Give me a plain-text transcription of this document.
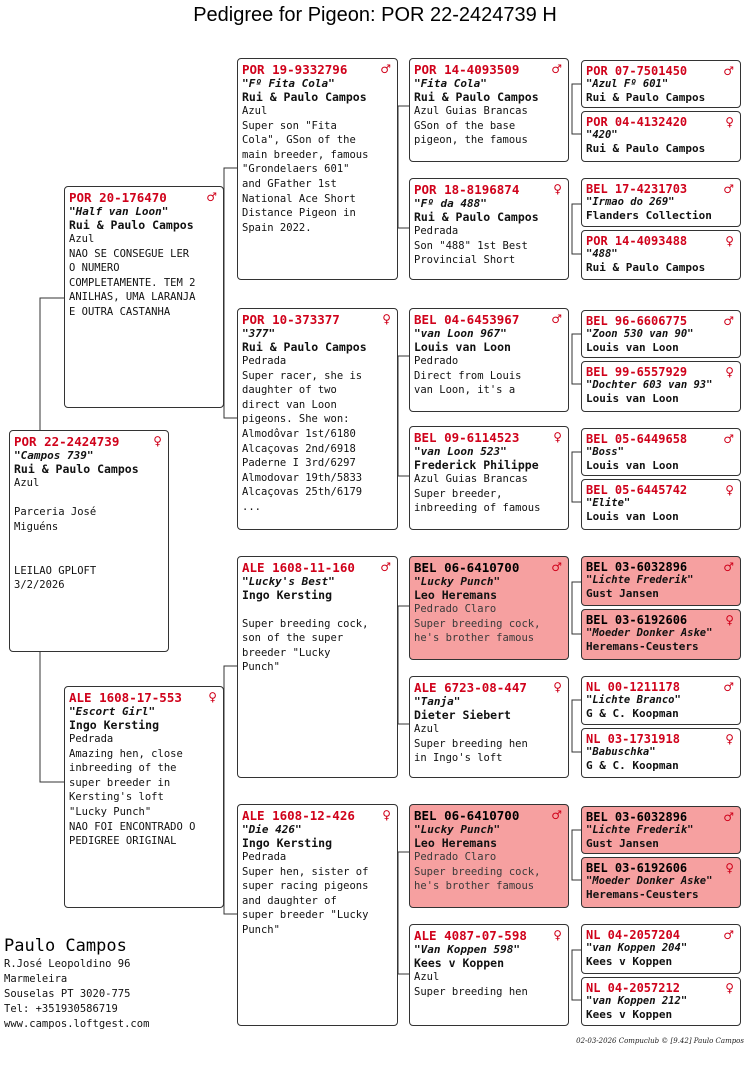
Pedigree for Pigeon: POR 22-2424739 H
POR 22-2424739	♀
"Campos 739"
Rui & Paulo Campos
Azul

Parceria José
Miguéns

LEILAO GPLOFT
3/2/2026
POR 20-176470	♂
"Half van Loon"
Rui & Paulo Campos
Azul
NAO SE CONSEGUE LER
O NUMERO
COMPLETAMENTE. TEM 2
ANILHAS, UMA LARANJA
E OUTRA CASTANHA
ALE 1608-17-553	♀
"Escort Girl"
Ingo Kersting
Pedrada
Amazing hen, close
inbreeding of the
super breeder in
Kersting's loft
"Lucky Punch"
NAO FOI ENCONTRADO O
PEDIGREE ORIGINAL
POR 19-9332796	♂
"Fº Fita Cola"
Rui & Paulo Campos
Azul
Super son "Fita
Cola", GSon of the
main breeder, famous
"Grondelaers 601"
and GFather 1st
National Ace Short
Distance Pigeon in
Spain 2022.
POR 10-373377	♀
"377"
Rui & Paulo Campos
Pedrada
Super racer, she is
daughter of two
direct van Loon
pigeons. She won:
Almodôvar 1st/6180
Alcaçovas 2nd/6918
Paderne I 3rd/6297
Almodovar 19th/5833
Alcaçovas 25th/6179
...
ALE 1608-11-160	♂
"Lucky's Best"
Ingo Kersting

Super breeding cock,
son of the super
breeder "Lucky
Punch"
ALE 1608-12-426	♀
"Die 426"
Ingo Kersting
Pedrada
Super hen, sister of
super racing pigeons
and daughter of
super breeder "Lucky
Punch"
POR 14-4093509	♂
"Fita Cola"
Rui & Paulo Campos
Azul Guias Brancas
GSon of the base
pigeon, the famous
POR 18-8196874	♀
"Fº da 488"
Rui & Paulo Campos
Pedrada
Son "488" 1st Best
Provincial Short
BEL 04-6453967	♂
"van Loon 967"
Louis van Loon
Pedrado
Direct from Louis
van Loon, it's a
BEL 09-6114523	♀
"van Loon 523"
Frederick Philippe
Azul Guias Brancas
Super breeder,
inbreeding of famous
BEL 06-6410700	♂
"Lucky Punch"
Leo Heremans
Pedrado Claro
Super breeding cock,
he's brother famous
ALE 6723-08-447	♀
"Tanja"
Dieter Siebert
Azul
Super breeding hen
in Ingo's loft
BEL 06-6410700	♂
"Lucky Punch"
Leo Heremans
Pedrado Claro
Super breeding cock,
he's brother famous
ALE 4087-07-598	♀
"Van Koppen 598"
Kees v Koppen
Azul
Super breeding hen
POR 07-7501450	♂
"Azul Fº 601"
Rui & Paulo Campos
POR 04-4132420	♀
"420"
Rui & Paulo Campos
BEL 17-4231703	♂
"Irmao do 269"
Flanders Collection
POR 14-4093488	♀
"488"
Rui & Paulo Campos
BEL 96-6606775	♂
"Zoon 530 van 90"
Louis van Loon
BEL 99-6557929	♀
"Dochter 603 van 93"
Louis van Loon
BEL 05-6449658	♂
"Boss"
Louis van Loon
BEL 05-6445742	♀
"Elite"
Louis van Loon
BEL 03-6032896	♂
"Lichte Frederik"
Gust Jansen
BEL 03-6192606	♀
"Moeder Donker Aske"
Heremans-Ceusters
NL 00-1211178	♂
"Lichte Branco"
G & C. Koopman
NL 03-1731918	♀
"Babuschka"
G & C. Koopman
BEL 03-6032896	♂
"Lichte Frederik"
Gust Jansen
BEL 03-6192606	♀
"Moeder Donker Aske"
Heremans-Ceusters
NL 04-2057204	♂
"van Koppen 204"
Kees v Koppen
NL 04-2057212	♀
"van Koppen 212"
Kees v Koppen
Paulo Campos
R.José Leopoldino 96
Marmeleira
Souselas PT 3020-775
Tel: +351930586719
www.campos.loftgest.com
02-03-2026 Compuclub © [9.42] Paulo Campos
